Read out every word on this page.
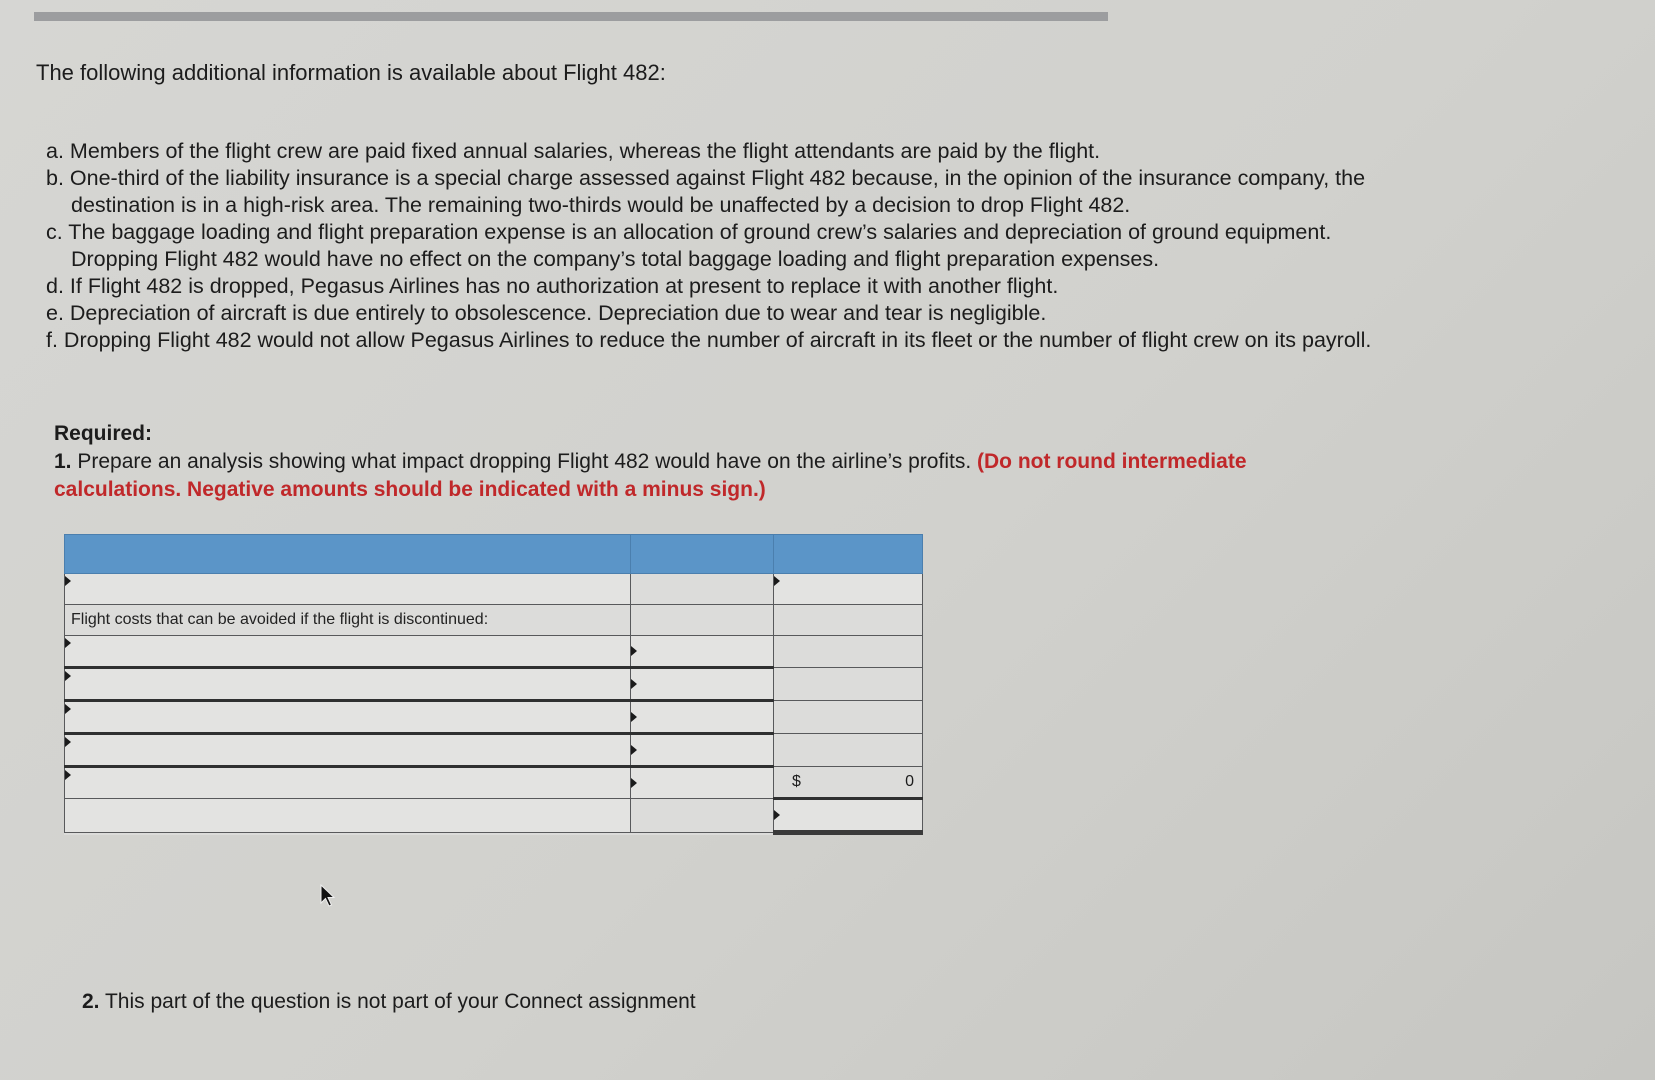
The following additional information is available about Flight 482:

a. Members of the flight crew are paid fixed annual salaries, whereas the flight attendants are paid by the flight.
b. One-third of the liability insurance is a special charge assessed against Flight 482 because, in the opinion of the insurance company, the destination is in a high-risk area. The remaining two-thirds would be unaffected by a decision to drop Flight 482.
c. The baggage loading and flight preparation expense is an allocation of ground crew’s salaries and depreciation of ground equipment. Dropping Flight 482 would have no effect on the company’s total baggage loading and flight preparation expenses.
d. If Flight 482 is dropped, Pegasus Airlines has no authorization at present to replace it with another flight.
e. Depreciation of aircraft is due entirely to obsolescence. Depreciation due to wear and tear is negligible.
f. Dropping Flight 482 would not allow Pegasus Airlines to reduce the number of aircraft in its fleet or the number of flight crew on its payroll.

Required:

1. Prepare an analysis showing what impact dropping Flight 482 would have on the airline’s profits. (Do not round intermediate

calculations. Negative amounts should be indicated with a minus sign.)

Flight costs that can be avoided if the flight is discontinued:		

		$ 0

2. This part of the question is not part of your Connect assignment
